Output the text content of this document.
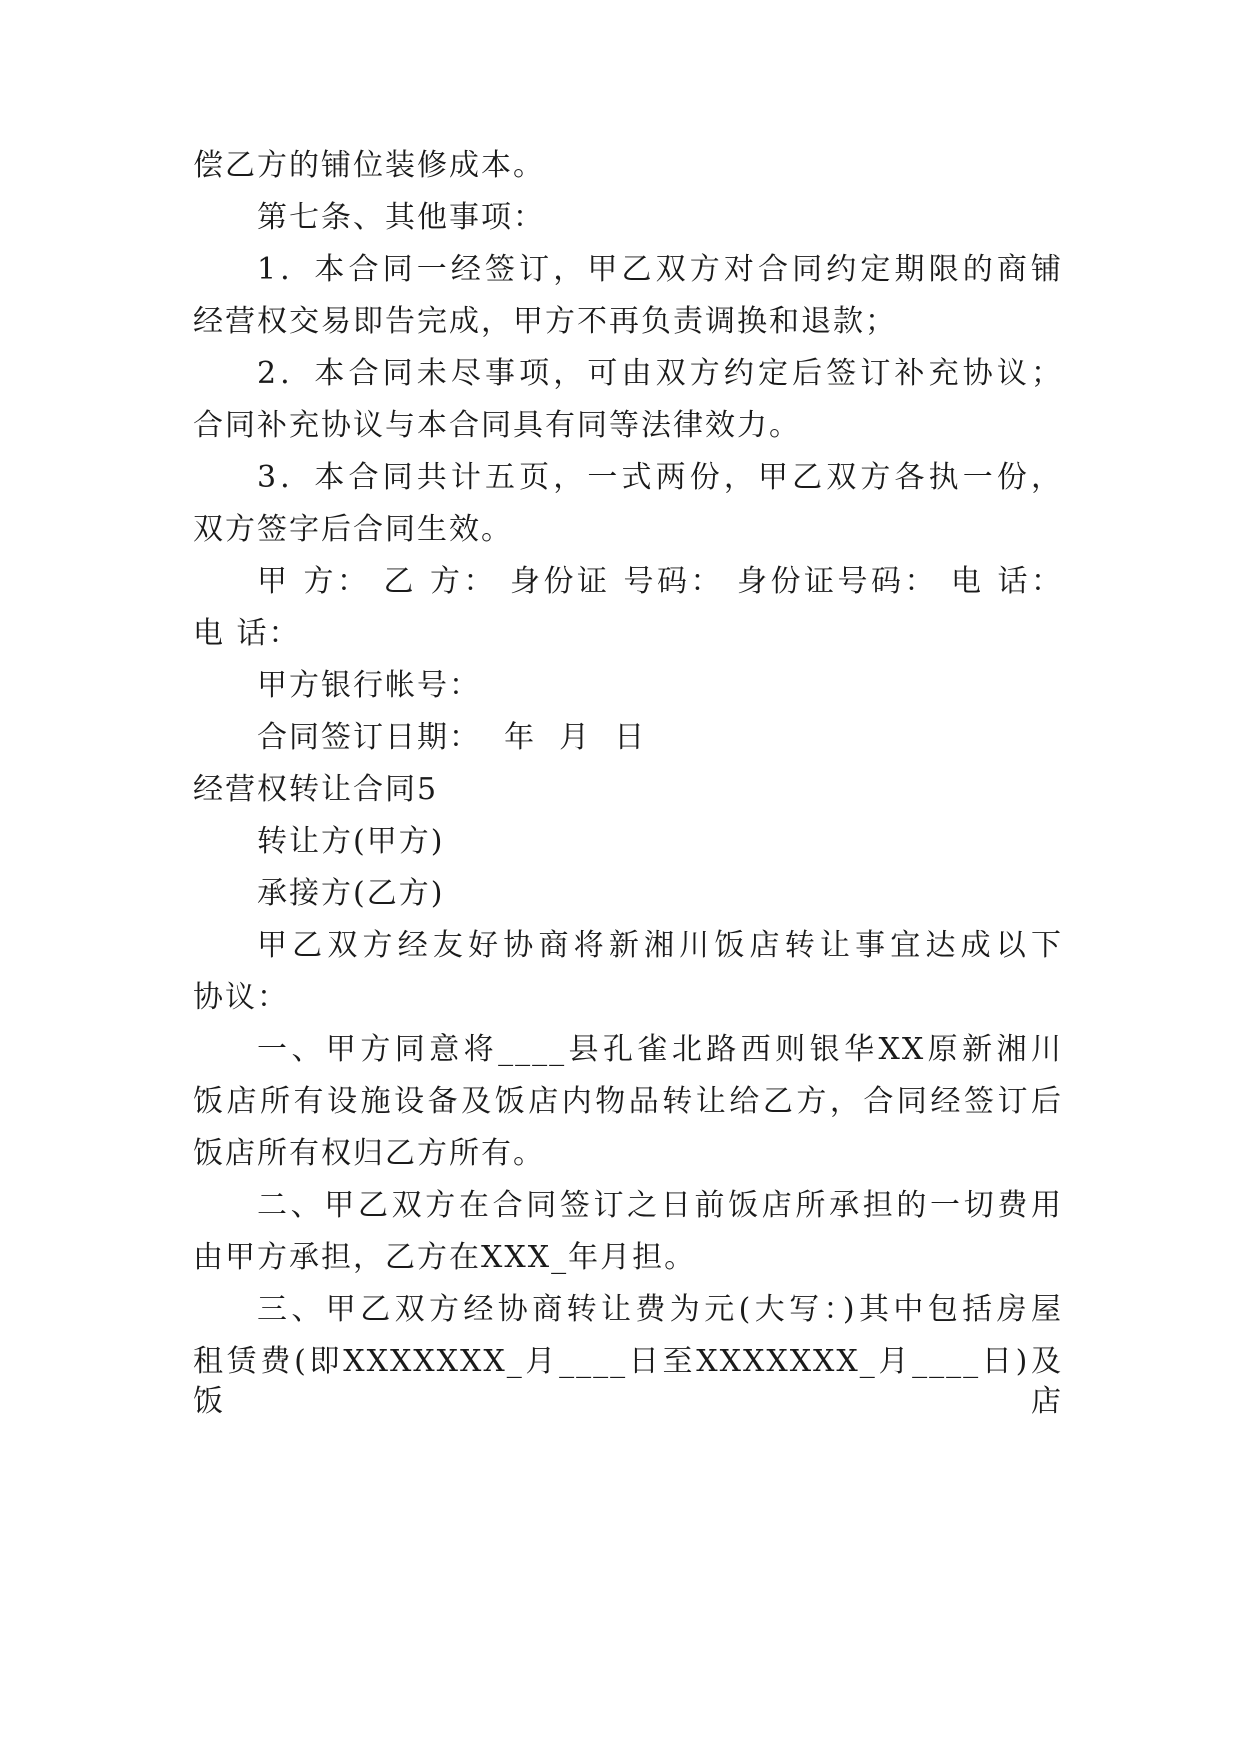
偿乙方的铺位装修成本。
第七条、其他事项：
1．本合同一经签订，甲乙双方对合同约定期限的商铺
经营权交易即告完成，甲方不再负责调换和退款；
2．本合同未尽事项，可由双方约定后签订补充协议；
合同补充协议与本合同具有同等法律效力。
3．本合同共计五页，一式两份，甲乙双方各执一份，
双方签字后合同生效。
甲 方： 乙 方： 身份证 号码： 身份证号码： 电 话：
电 话：
甲方银行帐号：
合同签订日期：  年  月  日
经营权转让合同5
转让方(甲方)
承接方(乙方)
甲乙双方经友好协商将新湘川饭店转让事宜达成以下
协议：
一、甲方同意将____县孔雀北路西则银华XX原新湘川
饭店所有设施设备及饭店内物品转让给乙方，合同经签订后
饭店所有权归乙方所有。
二、甲乙双方在合同签订之日前饭店所承担的一切费用
由甲方承担，乙方在XXX_年月担。
三、甲乙双方经协商转让费为元(大写：)其中包括房屋
租赁费(即XXXXXXX_月____日至XXXXXXX_月____日)及饭店
